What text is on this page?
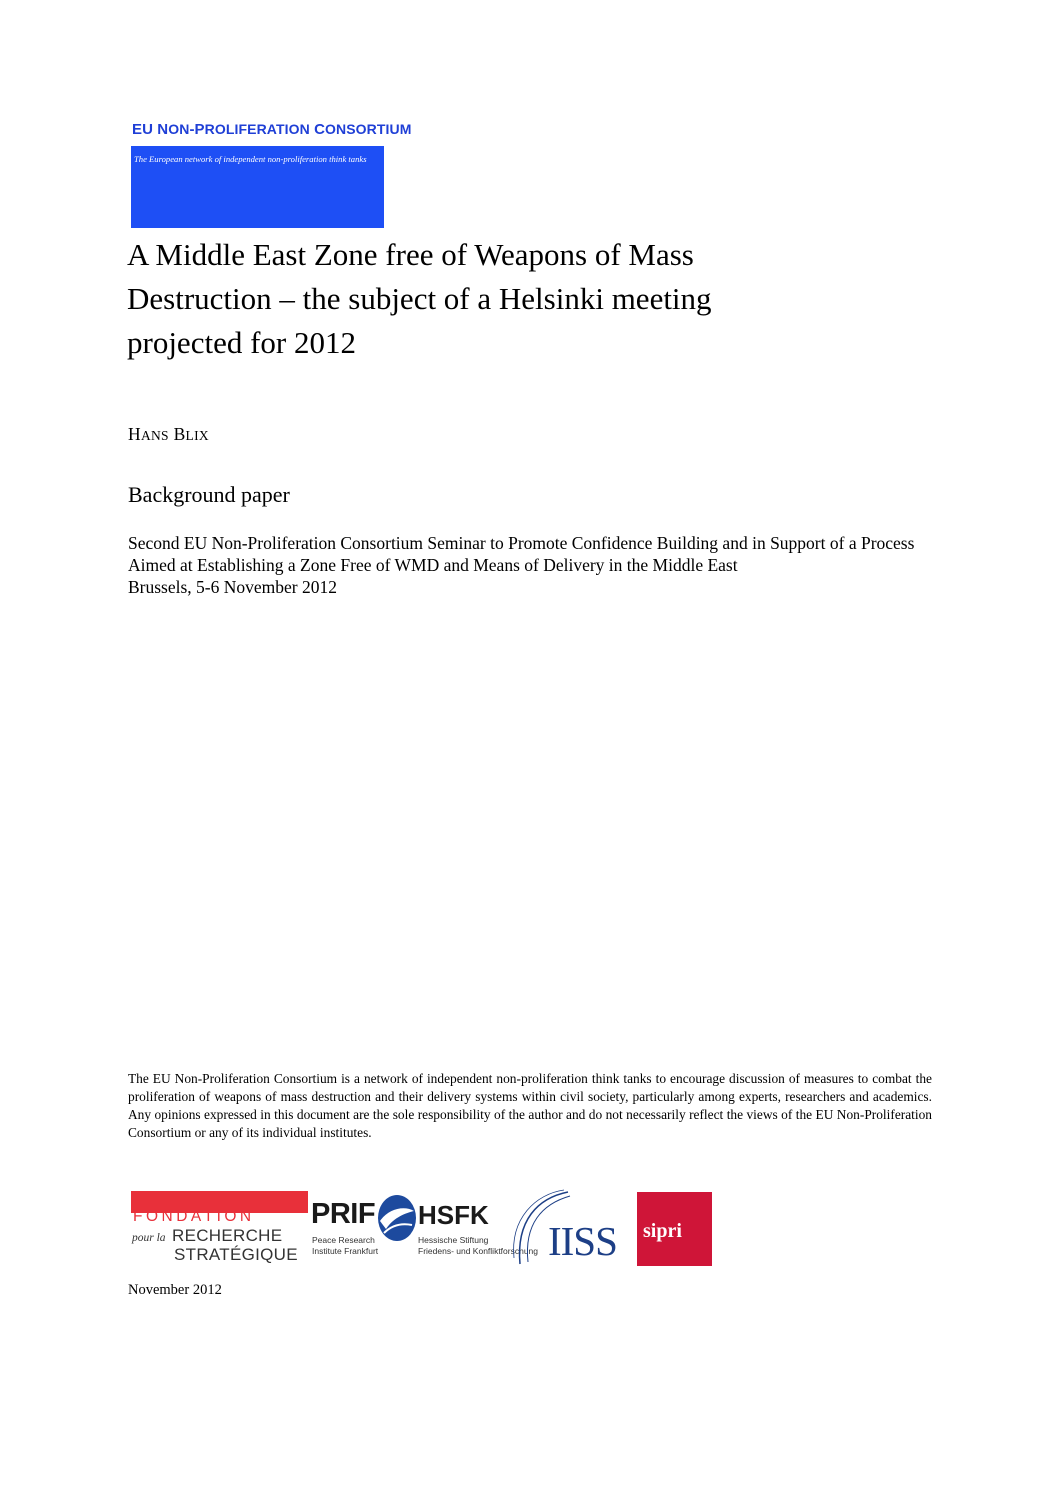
EU NON-PROLIFERATION CONSORTIUM
The European network of independent non-proliferation think tanks
A Middle East Zone free of Weapons of Mass
Destruction – the subject of a Helsinki meeting
projected for 2012
HANS BLIX
Background paper

Second EU Non-Proliferation Consortium Seminar to Promote Confidence Building and in Support of a Process Aimed at Establishing a Zone Free of WMD and Means of Delivery in the Middle East

Brussels, 5-6 November 2012

The EU Non-Proliferation Consortium is a network of independent non-proliferation think tanks to encourage discussion of measures to combat the proliferation of weapons of mass destruction and their delivery systems within civil society, particularly among experts, researchers and academics. Any opinions expressed in this document are the sole responsibility of the author and do not necessarily reflect the views of the EU Non-Proliferation Consortium or any of its individual institutes.
FONDATION
pour la RECHERCHE
STRATÉGIQUE
PRIF
Peace Research
Institute Frankfurt
HSFK
Hessische Stiftung
Friedens- und Konfliktforschung IISS sipri
November 2012
